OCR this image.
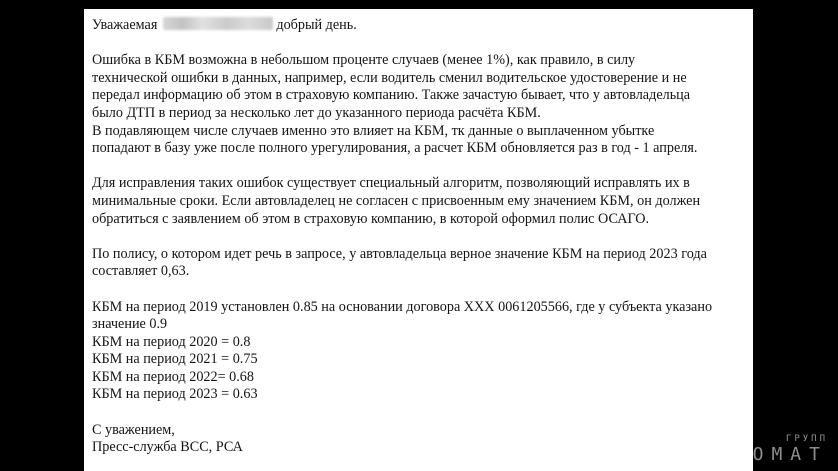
Уважаемая	добрый день.
Ошибка в КБМ возможна в небольшом проценте случаев (менее 1%), как правило, в силу
технической ошибки в данных, например, если водитель сменил водительское удостоверение и не
передал информацию об этом в страховую компанию. Также зачастую бывает, что у автовладельца
было ДТП в период за несколько лет до указанного периода расчёта КБМ.
В подавляющем числе случаев именно это влияет на КБМ, тк данные о выплаченном убытке
попадают в базу уже после полного урегулирования, а расчет КБМ обновляется раз в год - 1 апреля.
Для исправления таких ошибок существует специальный алгоритм, позволяющий исправлять их в
минимальные сроки. Если автовладелец не согласен с присвоенным ему значением КБМ, он должен
обратиться с заявлением об этом в страховую компанию, в которой оформил полис ОСАГО.
По полису, о котором идет речь в запросе, у автовладельца верное значение КБМ на период 2023 года
составляет 0,63.
КБМ на период 2019 установлен 0.85 на основании договора ХХХ 0061205566, где у субъекта указано
значение 0.9
КБМ на период 2020 = 0.8
КБМ на период 2021 = 0.75
КБМ на период 2022= 0.68
КБМ на период 2023 = 0.63
С уважением,
Пресс-служба ВСС, РСА
ГРУПП
КОМПРОМАТ
